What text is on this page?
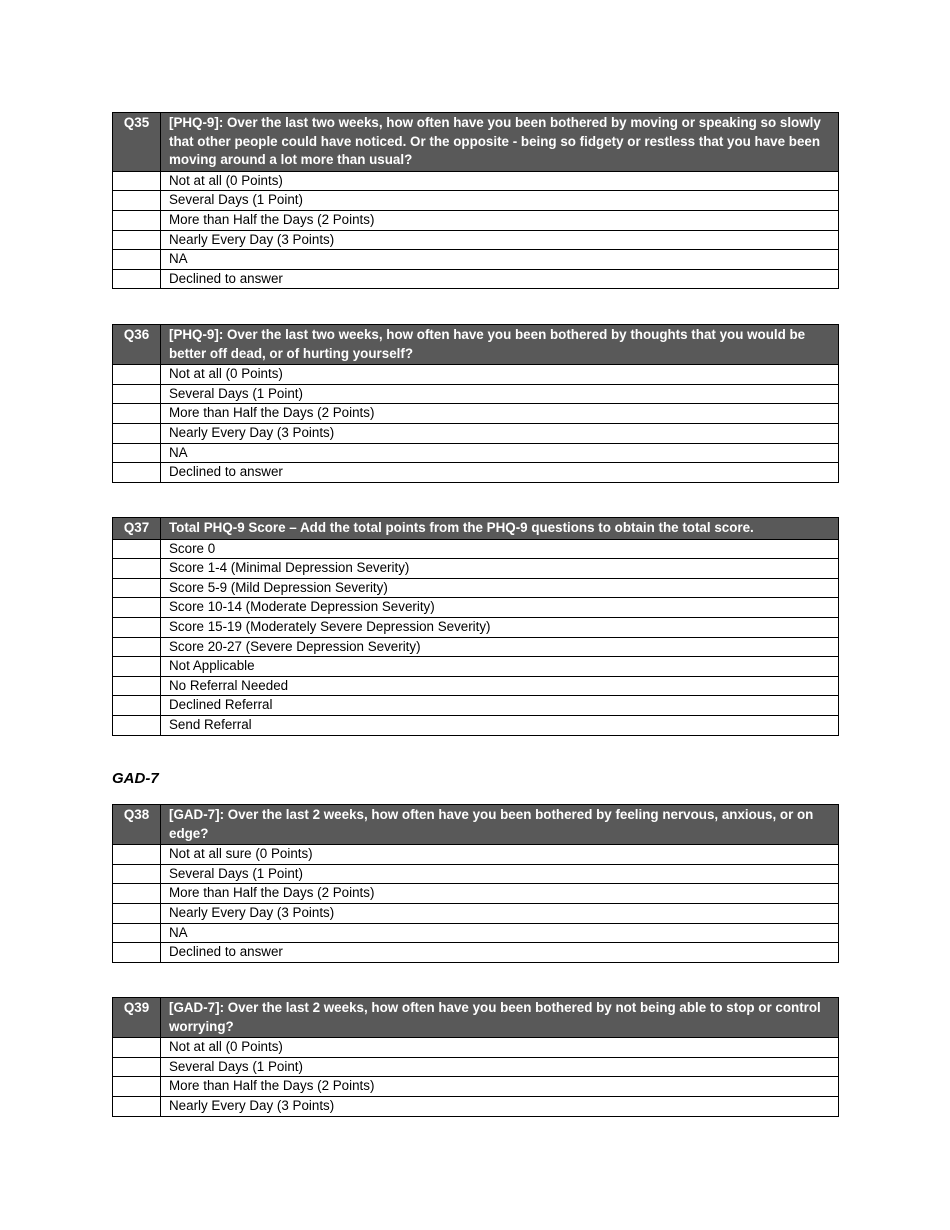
Q35	[PHQ-9]: Over the last two weeks, how often have you been bothered by moving or speaking so slowly that other people could have noticed. Or the opposite - being so fidgety or restless that you have been moving around a lot more than usual?
	Not at all (0 Points)
	Several Days (1 Point)
	More than Half the Days (2 Points)
	Nearly Every Day (3 Points)
	NA
	Declined to answer
Q36	[PHQ-9]: Over the last two weeks, how often have you been bothered by thoughts that you would be better off dead, or of hurting yourself?
	Not at all (0 Points)
	Several Days (1 Point)
	More than Half the Days (2 Points)
	Nearly Every Day (3 Points)
	NA
	Declined to answer
Q37	Total PHQ-9 Score – Add the total points from the PHQ-9 questions to obtain the total score.
	Score 0
	Score 1-4 (Minimal Depression Severity)
	Score 5-9 (Mild Depression Severity)
	Score 10-14 (Moderate Depression Severity)
	Score 15-19 (Moderately Severe Depression Severity)
	Score 20-27 (Severe Depression Severity)
	Not Applicable
	No Referral Needed
	Declined Referral
	Send Referral

GAD-7

Q38	[GAD-7]: Over the last 2 weeks, how often have you been bothered by feeling nervous, anxious, or on edge?
	Not at all sure (0 Points)
	Several Days (1 Point)
	More than Half the Days (2 Points)
	Nearly Every Day (3 Points)
	NA
	Declined to answer
Q39	[GAD-7]: Over the last 2 weeks, how often have you been bothered by not being able to stop or control worrying?
	Not at all (0 Points)
	Several Days (1 Point)
	More than Half the Days (2 Points)
	Nearly Every Day (3 Points)
